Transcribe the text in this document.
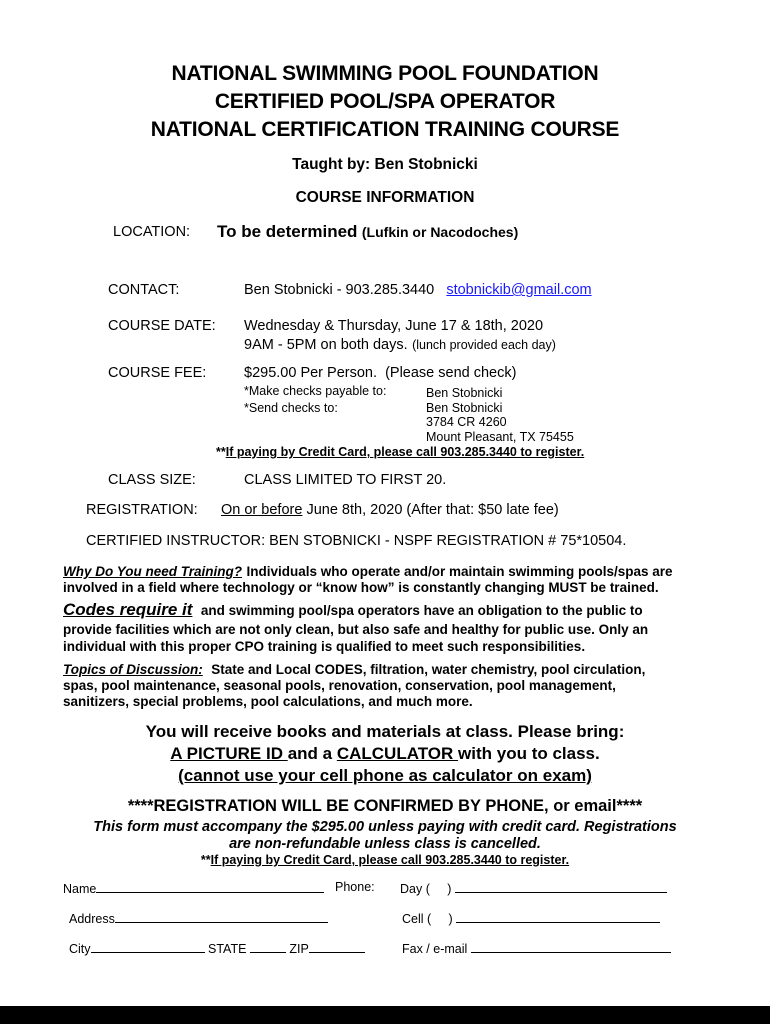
NATIONAL SWIMMING POOL FOUNDATION
CERTIFIED POOL/SPA OPERATOR
NATIONAL CERTIFICATION TRAINING COURSE
Taught by: Ben Stobnicki
COURSE INFORMATION
LOCATION: To be determined (Lufkin or Nacodoches)
CONTACT:	Ben Stobnicki - 903.285.3440 stobnickib@gmail.com
COURSE DATE: Wednesday & Thursday, June 17 & 18th, 2020
9AM - 5PM on both days. (lunch provided each day)
COURSE FEE:	$295.00 Per Person. (Please send check)
*Make checks payable to:	Ben Stobnicki
*Send checks to:	Ben Stobnicki
3784 CR 4260
Mount Pleasant, TX 75455
**If paying by Credit Card, please call 903.285.3440 to register.
CLASS SIZE:	CLASS LIMITED TO FIRST 20.
REGISTRATION: On or before June 8th, 2020 (After that: $50 late fee)
CERTIFIED INSTRUCTOR: BEN STOBNICKI - NSPF REGISTRATION # 75*10504.
Why Do You need Training? Individuals who operate and/or maintain swimming pools/spas are
involved in a field where technology or “know how” is constantly changing MUST be trained.
Codes require it and swimming pool/spa operators have an obligation to the public to
provide facilities which are not only clean, but also safe and healthy for public use. Only an
individual with this proper CPO training is qualified to meet such responsibilities.
Topics of Discussion: State and Local CODES, filtration, water chemistry, pool circulation,
spas, pool maintenance, seasonal pools, renovation, conservation, pool management,
sanitizers, special problems, pool calculations, and much more.
You will receive books and materials at class. Please bring:
A PICTURE ID and a CALCULATOR with you to class.
(cannot use your cell phone as calculator on exam)
****REGISTRATION WILL BE CONFIRMED BY PHONE, or email****
This form must accompany the $295.00 unless paying with credit card. Registrations
are non-refundable unless class is cancelled.
**If paying by Credit Card, please call 903.285.3440 to register.
Name	Phone: Day ( )
Address	Cell ( )
City	STATE	ZIP	Fax / e-mail
